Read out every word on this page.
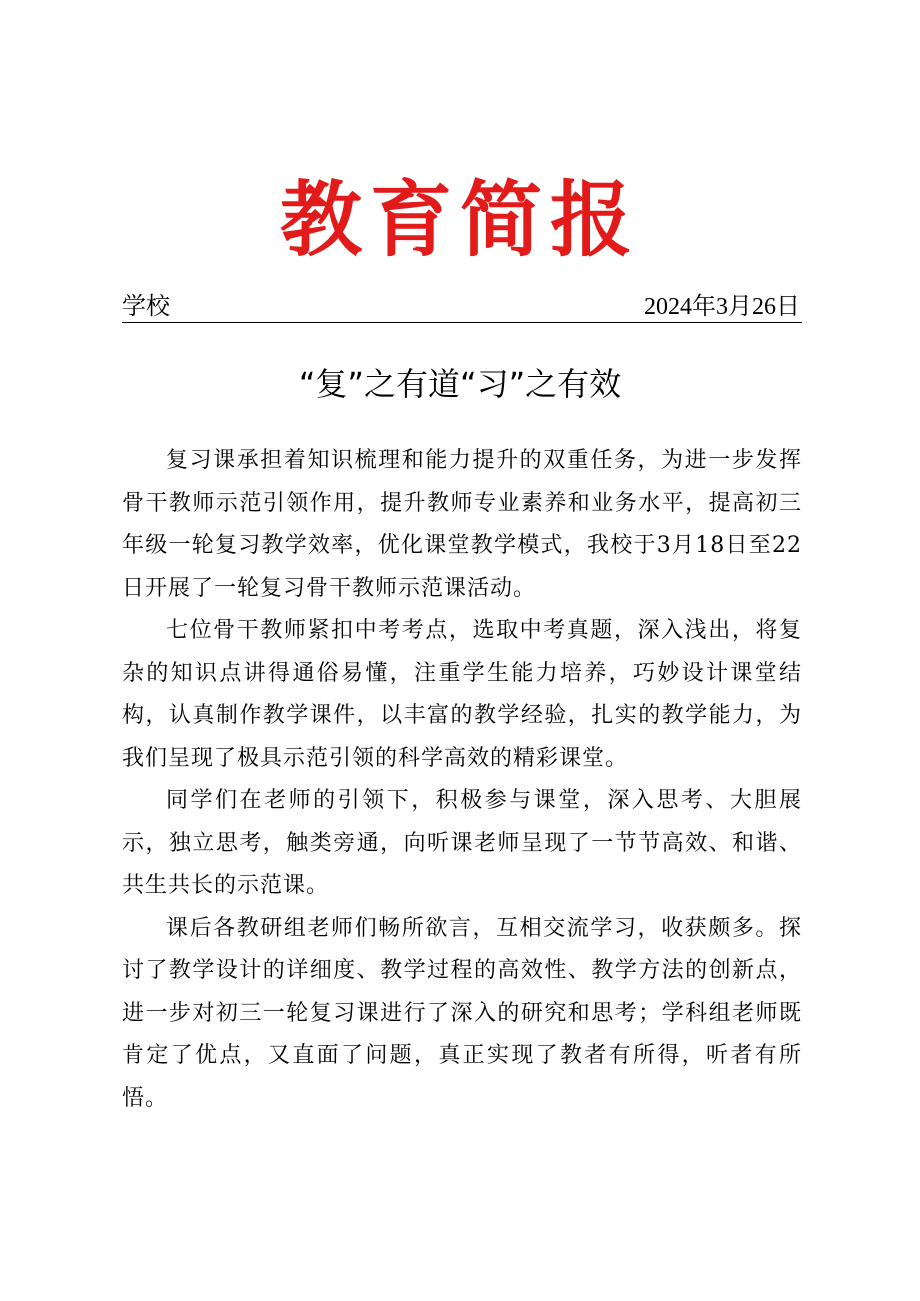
教育简报
学校	2024年3月26日
“复”之有道“习”之有效

复习课承担着知识梳理和能力提升的双重任务，为进一步发挥骨干教师示范引领作用，提升教师专业素养和业务水平，提高初三年级一轮复习教学效率，优化课堂教学模式，我校于3月18日至22日开展了一轮复习骨干教师示范课活动。

七位骨干教师紧扣中考考点，选取中考真题，深入浅出，将复杂的知识点讲得通俗易懂，注重学生能力培养，巧妙设计课堂结构，认真制作教学课件，以丰富的教学经验，扎实的教学能力，为我们呈现了极具示范引领的科学高效的精彩课堂。

同学们在老师的引领下，积极参与课堂，深入思考、大胆展示，独立思考，触类旁通，向听课老师呈现了一节节高效、和谐、共生共长的示范课。

课后各教研组老师们畅所欲言，互相交流学习，收获颇多。探讨了教学设计的详细度、教学过程的高效性、教学方法的创新点，进一步对初三一轮复习课进行了深入的研究和思考；学科组老师既肯定了优点，又直面了问题，真正实现了教者有所得，听者有所悟。
